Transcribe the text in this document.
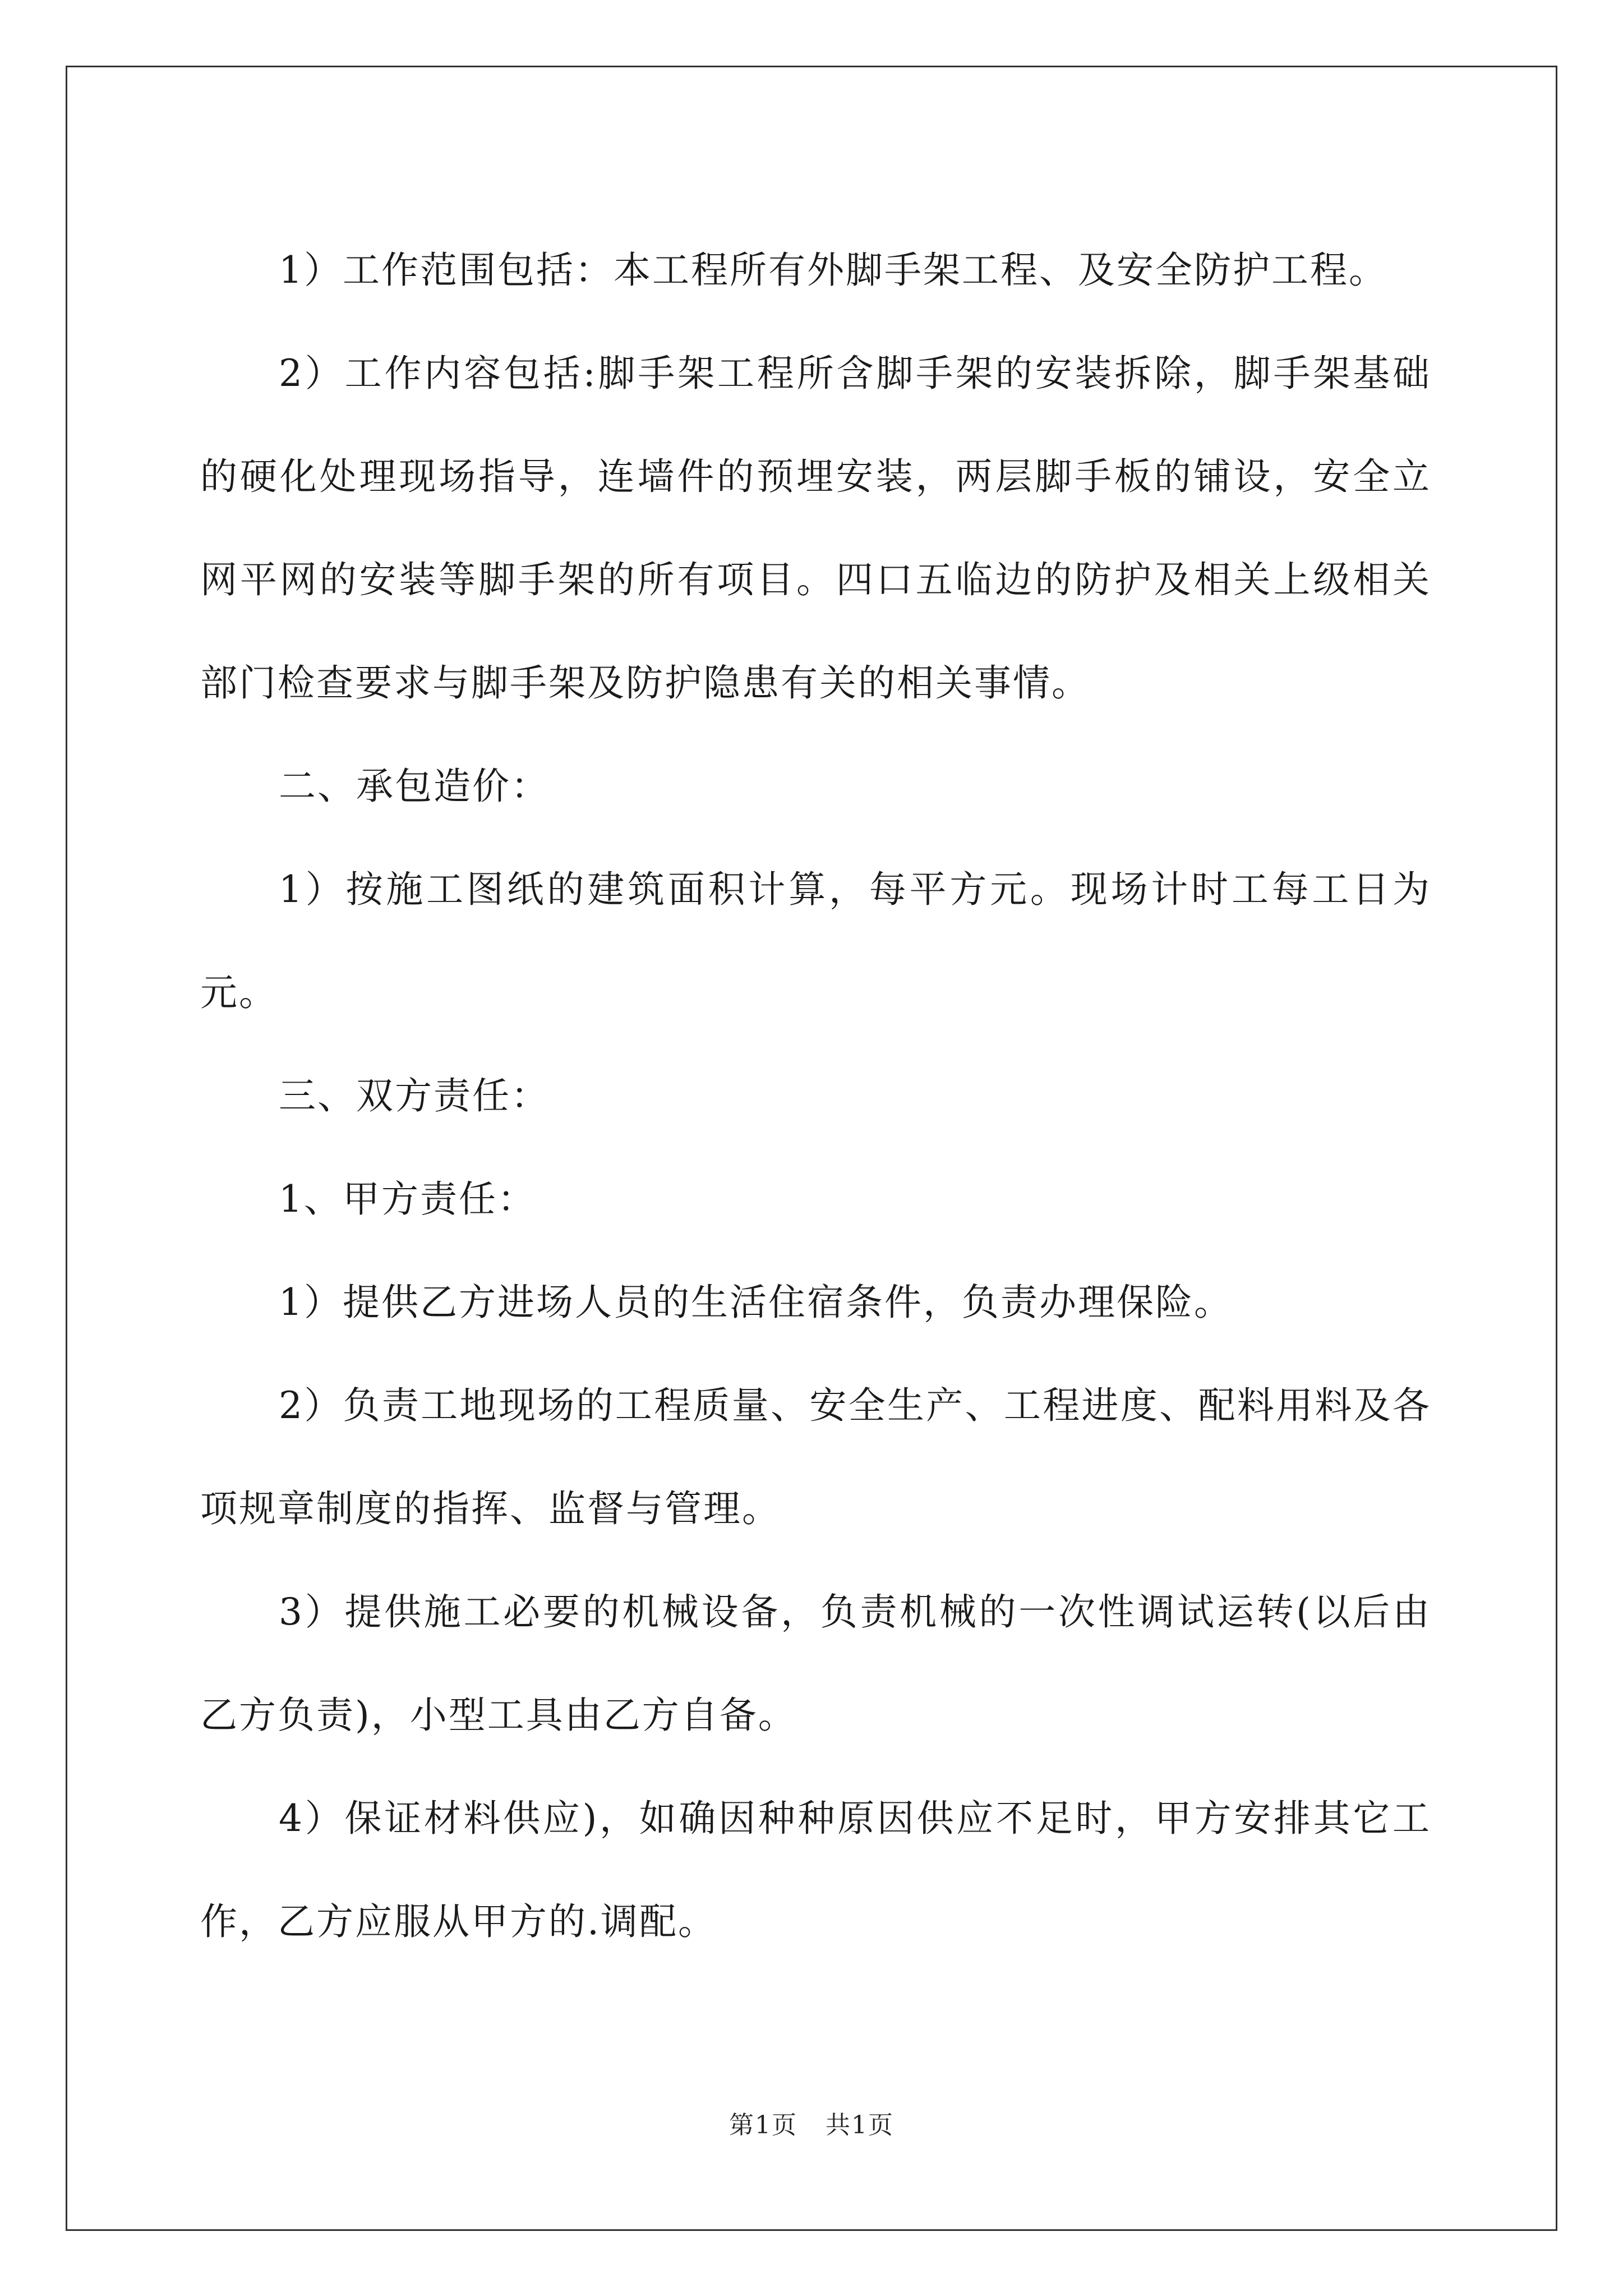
1）工作范围包括：本工程所有外脚手架工程、及安全防护工程。

2）工作内容包括:脚手架工程所含脚手架的安装拆除，脚手架基础的硬化处理现场指导，连墙件的预埋安装，两层脚手板的铺设，安全立网平网的安装等脚手架的所有项目。四口五临边的防护及相关上级相关部门检查要求与脚手架及防护隐患有关的相关事情。

二、承包造价：

1）按施工图纸的建筑面积计算，每平方元。现场计时工每工日为元。

三、双方责任：

1、甲方责任：

1）提供乙方进场人员的生活住宿条件，负责办理保险。

2）负责工地现场的工程质量、安全生产、工程进度、配料用料及各项规章制度的指挥、监督与管理。

3）提供施工必要的机械设备，负责机械的一次性调试运转(以后由乙方负责)，小型工具由乙方自备。

4）保证材料供应)，如确因种种原因供应不足时，甲方安排其它工作，乙方应服从甲方的.调配。

第1页 共1页
